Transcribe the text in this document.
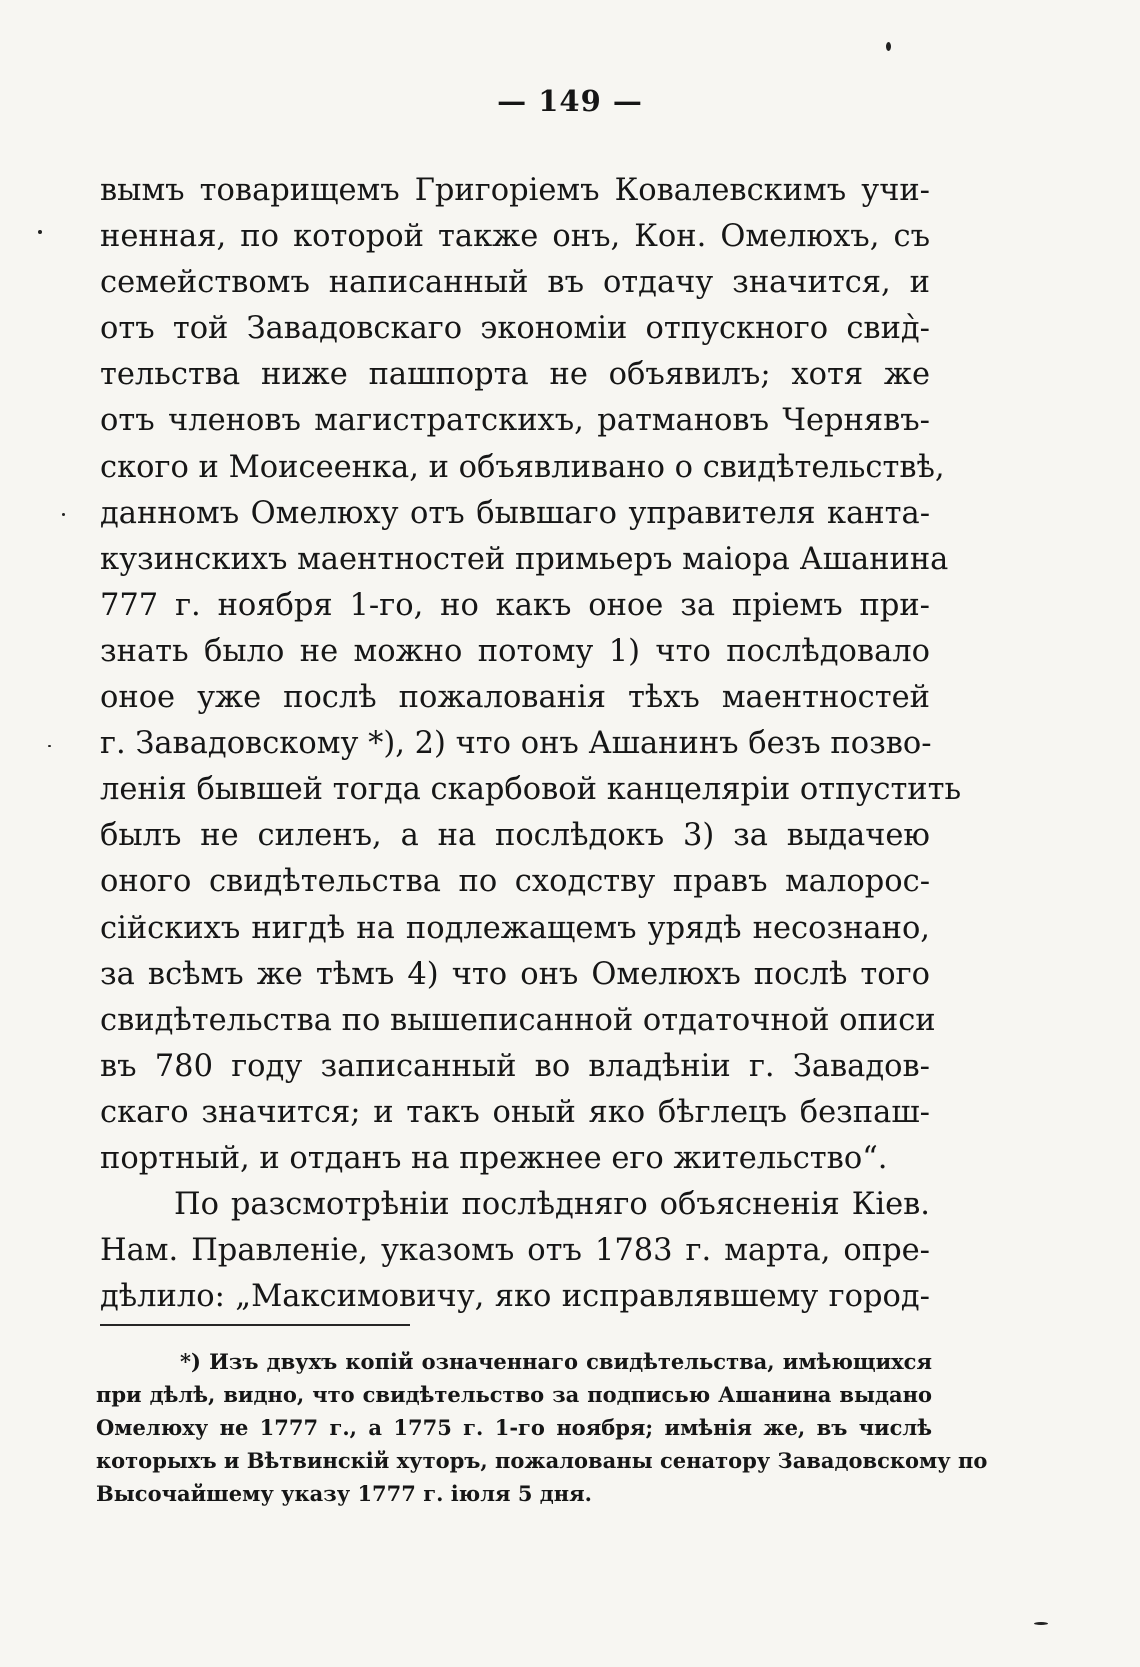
— 149 —
вымъ товарищемъ Григоріемъ Ковалевскимъ учи-
ненная, по которой также онъ, Кон. Омелюхъ, съ
семействомъ написанный въ отдачу значится, и
отъ той Завадовскаго экономіи отпускного свид̀-
тельства ниже пашпорта не объявилъ; хотя же
отъ членовъ магистратскихъ, ратмановъ Чернявъ-
ского и Моисеенка, и объявливано о свидѣтельствѣ,
данномъ Омелюху отъ бывшаго управителя канта-
кузинскихъ маентностей примьеръ маіора Ашанина
777 г. ноября 1-го, но какъ оное за пріемъ при-
знать было не можно потому 1) что послѣдовало
оное уже послѣ пожалованія тѣхъ маентностей
г. Завадовскому *), 2) что онъ Ашанинъ безъ позво-
ленія бывшей тогда скарбовой канцеляріи отпустить
былъ не силенъ, а на послѣдокъ 3) за выдачею
оного свидѣтельства по сходству правъ малорос-
сійскихъ нигдѣ на подлежащемъ урядѣ несознано,
за всѣмъ же тѣмъ 4) что онъ Омелюхъ послѣ того
свидѣтельства по вышеписанной отдаточной описи
въ 780 году записанный во владѣніи г. Завадов-
скаго значится; и такъ оный яко бѣглецъ безпаш-
портный, и отданъ на прежнее его жительство“.
По разсмотрѣніи послѣдняго объясненія Кіев.
Нам. Правленіе, указомъ отъ 1783 г. марта, опре-
дѣлило: „Максимовичу, яко исправлявшему город-
*) Изъ двухъ копій означеннаго свидѣтельства, имѣющихся
при дѣлѣ, видно, что свидѣтельство за подписью Ашанина выдано
Омелюху не 1777 г., а 1775 г. 1-го ноября; имѣнія же, въ числѣ
которыхъ и Вѣтвинскій хуторъ, пожалованы сенатору Завадовскому по
Высочайшему указу 1777 г. іюля 5 дня.
